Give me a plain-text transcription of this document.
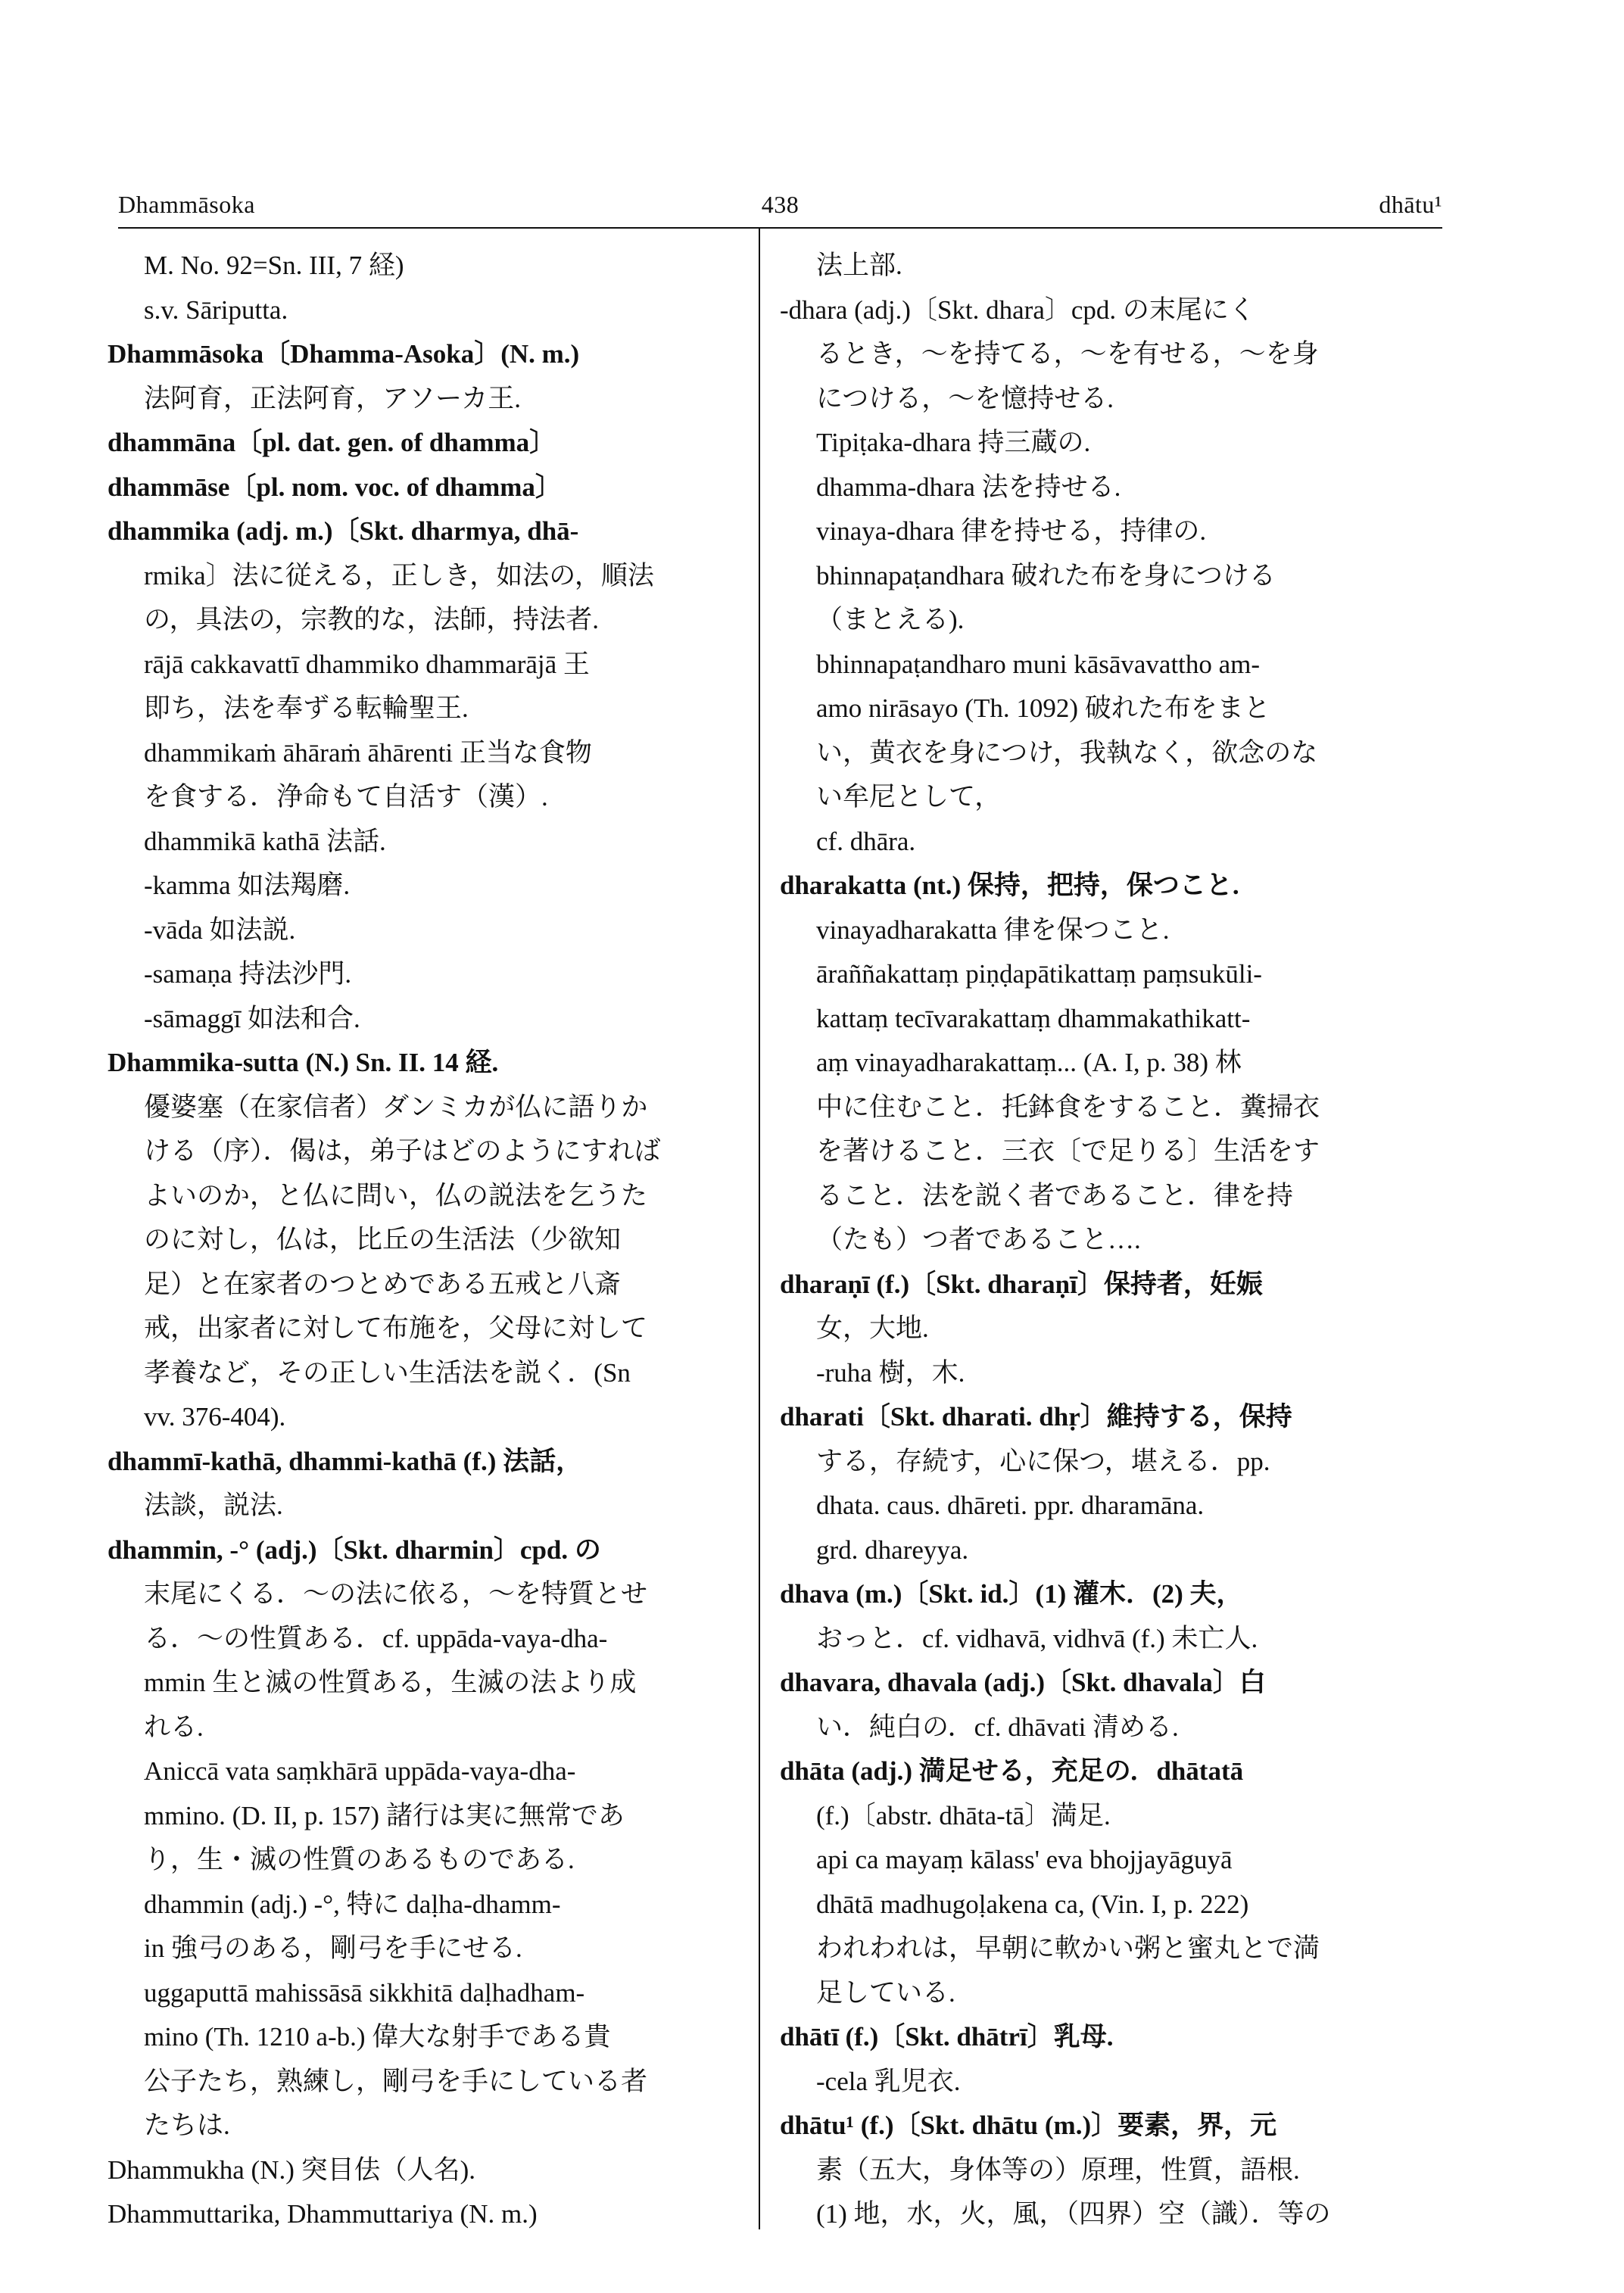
Dhammāsoka	438	dhātu¹
M. No. 92=Sn. III, 7 経)
s.v. Sāriputta.
Dhammāsoka〔Dhamma-Asoka〕(N. m.)
法阿育，正法阿育，アソーカ王.
dhammāna〔pl. dat. gen. of dhamma〕
dhammāse〔pl. nom. voc. of dhamma〕
dhammika (adj. m.)〔Skt. dharmya, dhā-
rmika〕法に従える，正しき，如法の，順法
の，具法の，宗教的な，法師，持法者.
rājā cakkavattī dhammiko dhammarājā 王
即ち，法を奉ずる転輪聖王.
dhammikaṁ āhāraṁ āhārenti 正当な食物
を食する．浄命もて自活す（漢）.
dhammikā kathā 法話.
-kamma 如法羯磨.
-vāda 如法説.
-samaṇa 持法沙門.
-sāmaggī 如法和合.
Dhammika-sutta (N.) Sn. II. 14 経.
優婆塞（在家信者）ダンミカが仏に語りか
ける（序）．偈は，弟子はどのようにすれば
よいのか，と仏に問い，仏の説法を乞うた
のに対し，仏は，比丘の生活法（少欲知
足）と在家者のつとめである五戒と八斎
戒，出家者に対して布施を，父母に対して
孝養など，その正しい生活法を説く．(Sn
vv. 376-404).
dhammī-kathā, dhammi-kathā (f.) 法話，
法談，説法.
dhammin, -° (adj.)〔Skt. dharmin〕cpd. の
末尾にくる．～の法に依る，～を特質とせ
る．～の性質ある．cf. uppāda-vaya-dha-
mmin 生と滅の性質ある，生滅の法より成
れる.
Aniccā vata saṃkhārā uppāda-vaya-dha-
mmino. (D. II, p. 157) 諸行は実に無常であ
り，生・滅の性質のあるものである.
dhammin (adj.) -°, 特に daḷha-dhamm-
in 強弓のある，剛弓を手にせる.
uggaputtā mahissāsā sikkhitā daḷhadham-
mino (Th. 1210 a-b.) 偉大な射手である貴
公子たち，熟練し，剛弓を手にしている者
たちは.
Dhammukha (N.) 突目佉（人名).
Dhammuttarika, Dhammuttariya (N. m.)
法上部.
-dhara (adj.)〔Skt. dhara〕cpd. の末尾にく
るとき，～を持てる，～を有せる，～を身
につける，～を憶持せる.
Tipiṭaka-dhara 持三蔵の.
dhamma-dhara 法を持せる.
vinaya-dhara 律を持せる，持律の.
bhinnapaṭandhara 破れた布を身につける
（まとえる).
bhinnapaṭandharo muni kāsāvavattho am-
amo nirāsayo (Th. 1092) 破れた布をまと
い，黄衣を身につけ，我執なく，欲念のな
い牟尼として，
cf. dhāra.
dharakatta (nt.) 保持，把持，保つこと.
vinayadharakatta 律を保つこと.
āraññakattaṃ piṇḍapātikattaṃ paṃsukūli-
kattaṃ tecīvarakattaṃ dhammakathikatt-
aṃ vinayadharakattaṃ... (A. I, p. 38) 林
中に住むこと．托鉢食をすること．糞掃衣
を著けること．三衣〔で足りる〕生活をす
ること．法を説く者であること．律を持
（たも）つ者であること….
dharaṇī (f.)〔Skt. dharaṇī〕保持者，妊娠
女，大地.
-ruha 樹，木.
dharati〔Skt. dharati. dhṛ〕維持する，保持
する，存続す，心に保つ，堪える．pp.
dhata. caus. dhāreti. ppr. dharamāna.
grd. dhareyya.
dhava (m.)〔Skt. id.〕(1) 灌木．(2) 夫，
おっと．cf. vidhavā, vidhvā (f.) 未亡人.
dhavara, dhavala (adj.)〔Skt. dhavala〕白
い．純白の．cf. dhāvati 清める.
dhāta (adj.) 満足せる，充足の．dhātatā
(f.)〔abstr. dhāta-tā〕満足.
api ca mayaṃ kālass' eva bhojjayāguyā
dhātā madhugoḷakena ca, (Vin. I, p. 222)
われわれは，早朝に軟かい粥と蜜丸とで満
足している.
dhātī (f.)〔Skt. dhātrī〕乳母.
-cela 乳児衣.
dhātu¹ (f.)〔Skt. dhātu (m.)〕要素，界，元
素（五大，身体等の）原理，性質，語根.
(1) 地，水，火，風，（四界）空（識）．等の
